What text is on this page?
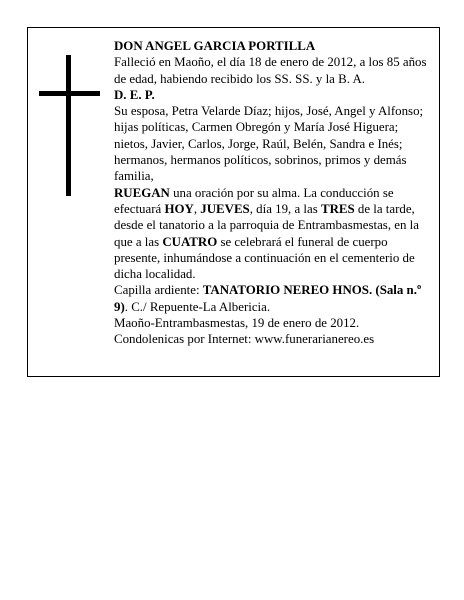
DON ANGEL GARCIA PORTILLA

Falleció en Maoño, el día 18 de enero de 2012, a los 85 años de edad, habiendo recibido los SS. SS. y la B. A.

D. E. P.

Su esposa, Petra Velarde Díaz; hijos, José, Angel y Alfonso; hijas políticas, Carmen Obregón y María José Higuera; nietos, Javier, Carlos, Jorge, Raúl, Belén, Sandra e Inés; hermanos, hermanos políticos, sobrinos, primos y demás familia,

RUEGAN una oración por su alma. La conducción se efectuará HOY, JUEVES, día 19, a las TRES de la tarde, desde el tanatorio a la parroquia de Entrambasmestas, en la que a las CUATRO se celebrará el funeral de cuerpo presente, inhumándose a continuación en el cementerio de dicha localidad.

Capilla ardiente: TANATORIO NEREO HNOS. (Sala n.º 9). C./ Repuente-La Albericia.

Maoño-Entrambasmestas, 19 de enero de 2012.

Condolenicas por Internet: www.funerarianereo.es
